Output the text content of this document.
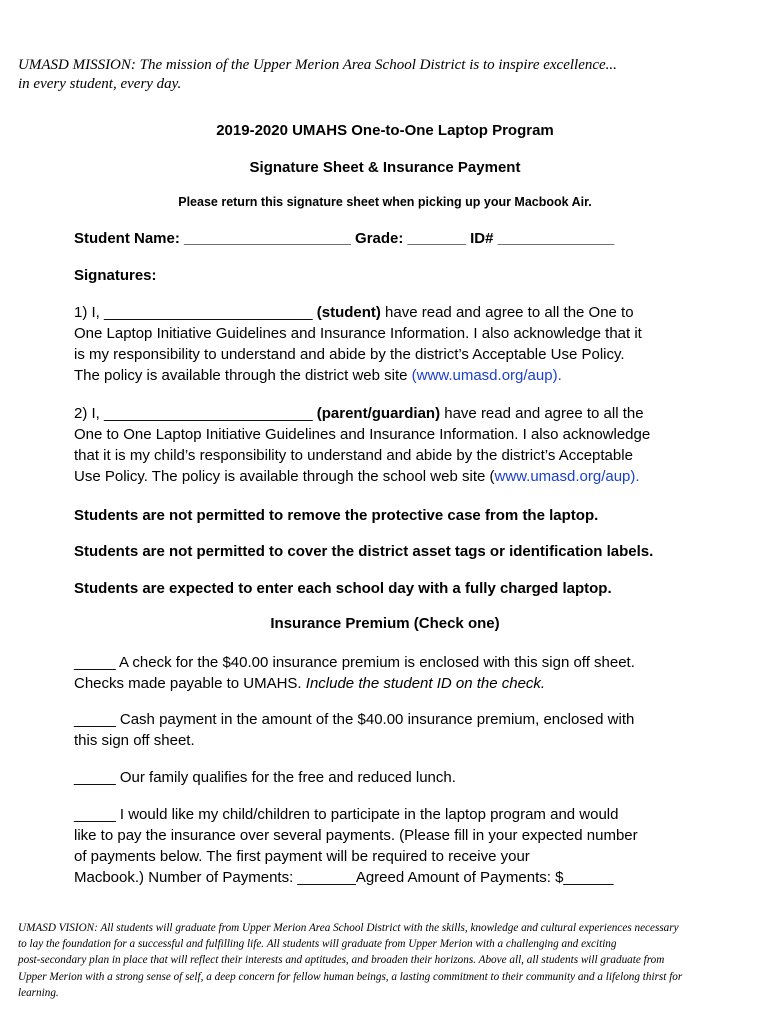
UMASD MISSION: The mission of the Upper Merion Area School District is to inspire excellence...
in every student, every day.
2019-2020 UMAHS One-to-One Laptop Program
Signature Sheet & Insurance Payment
Please return this signature sheet when picking up your Macbook Air.
Student Name: ____________________ Grade: _______ ID# ______________
Signatures:
1) I, _________________________ (student) have read and agree to all the One to
One Laptop Initiative Guidelines and Insurance Information. I also acknowledge that it
is my responsibility to understand and abide by the district’s Acceptable Use Policy.
The policy is available through the district web site (www.umasd.org/aup).
2) I, _________________________ (parent/guardian) have read and agree to all the
One to One Laptop Initiative Guidelines and Insurance Information. I also acknowledge
that it is my child’s responsibility to understand and abide by the district’s Acceptable
Use Policy. The policy is available through the school web site (www.umasd.org/aup).
Students are not permitted to remove the protective case from the laptop.
Students are not permitted to cover the district asset tags or identification labels.
Students are expected to enter each school day with a fully charged laptop.
Insurance Premium (Check one)
_____ A check for the $40.00 insurance premium is enclosed with this sign off sheet.
Checks made payable to UMAHS. Include the student ID on the check.
_____ Cash payment in the amount of the $40.00 insurance premium, enclosed with
this sign off sheet.
_____ Our family qualifies for the free and reduced lunch.
_____ I would like my child/children to participate in the laptop program and would
like to pay the insurance over several payments. (Please fill in your expected number
of payments below. The first payment will be required to receive your
Macbook.) Number of Payments: _______Agreed Amount of Payments: $______
UMASD VISION: All students will graduate from Upper Merion Area School District with the skills, knowledge and cultural experiences necessary
to lay the foundation for a successful and fulfilling life. All students will graduate from Upper Merion with a challenging and exciting
post-secondary plan in place that will reflect their interests and aptitudes, and broaden their horizons. Above all, all students will graduate from
Upper Merion with a strong sense of self, a deep concern for fellow human beings, a lasting commitment to their community and a lifelong thirst for
learning.
